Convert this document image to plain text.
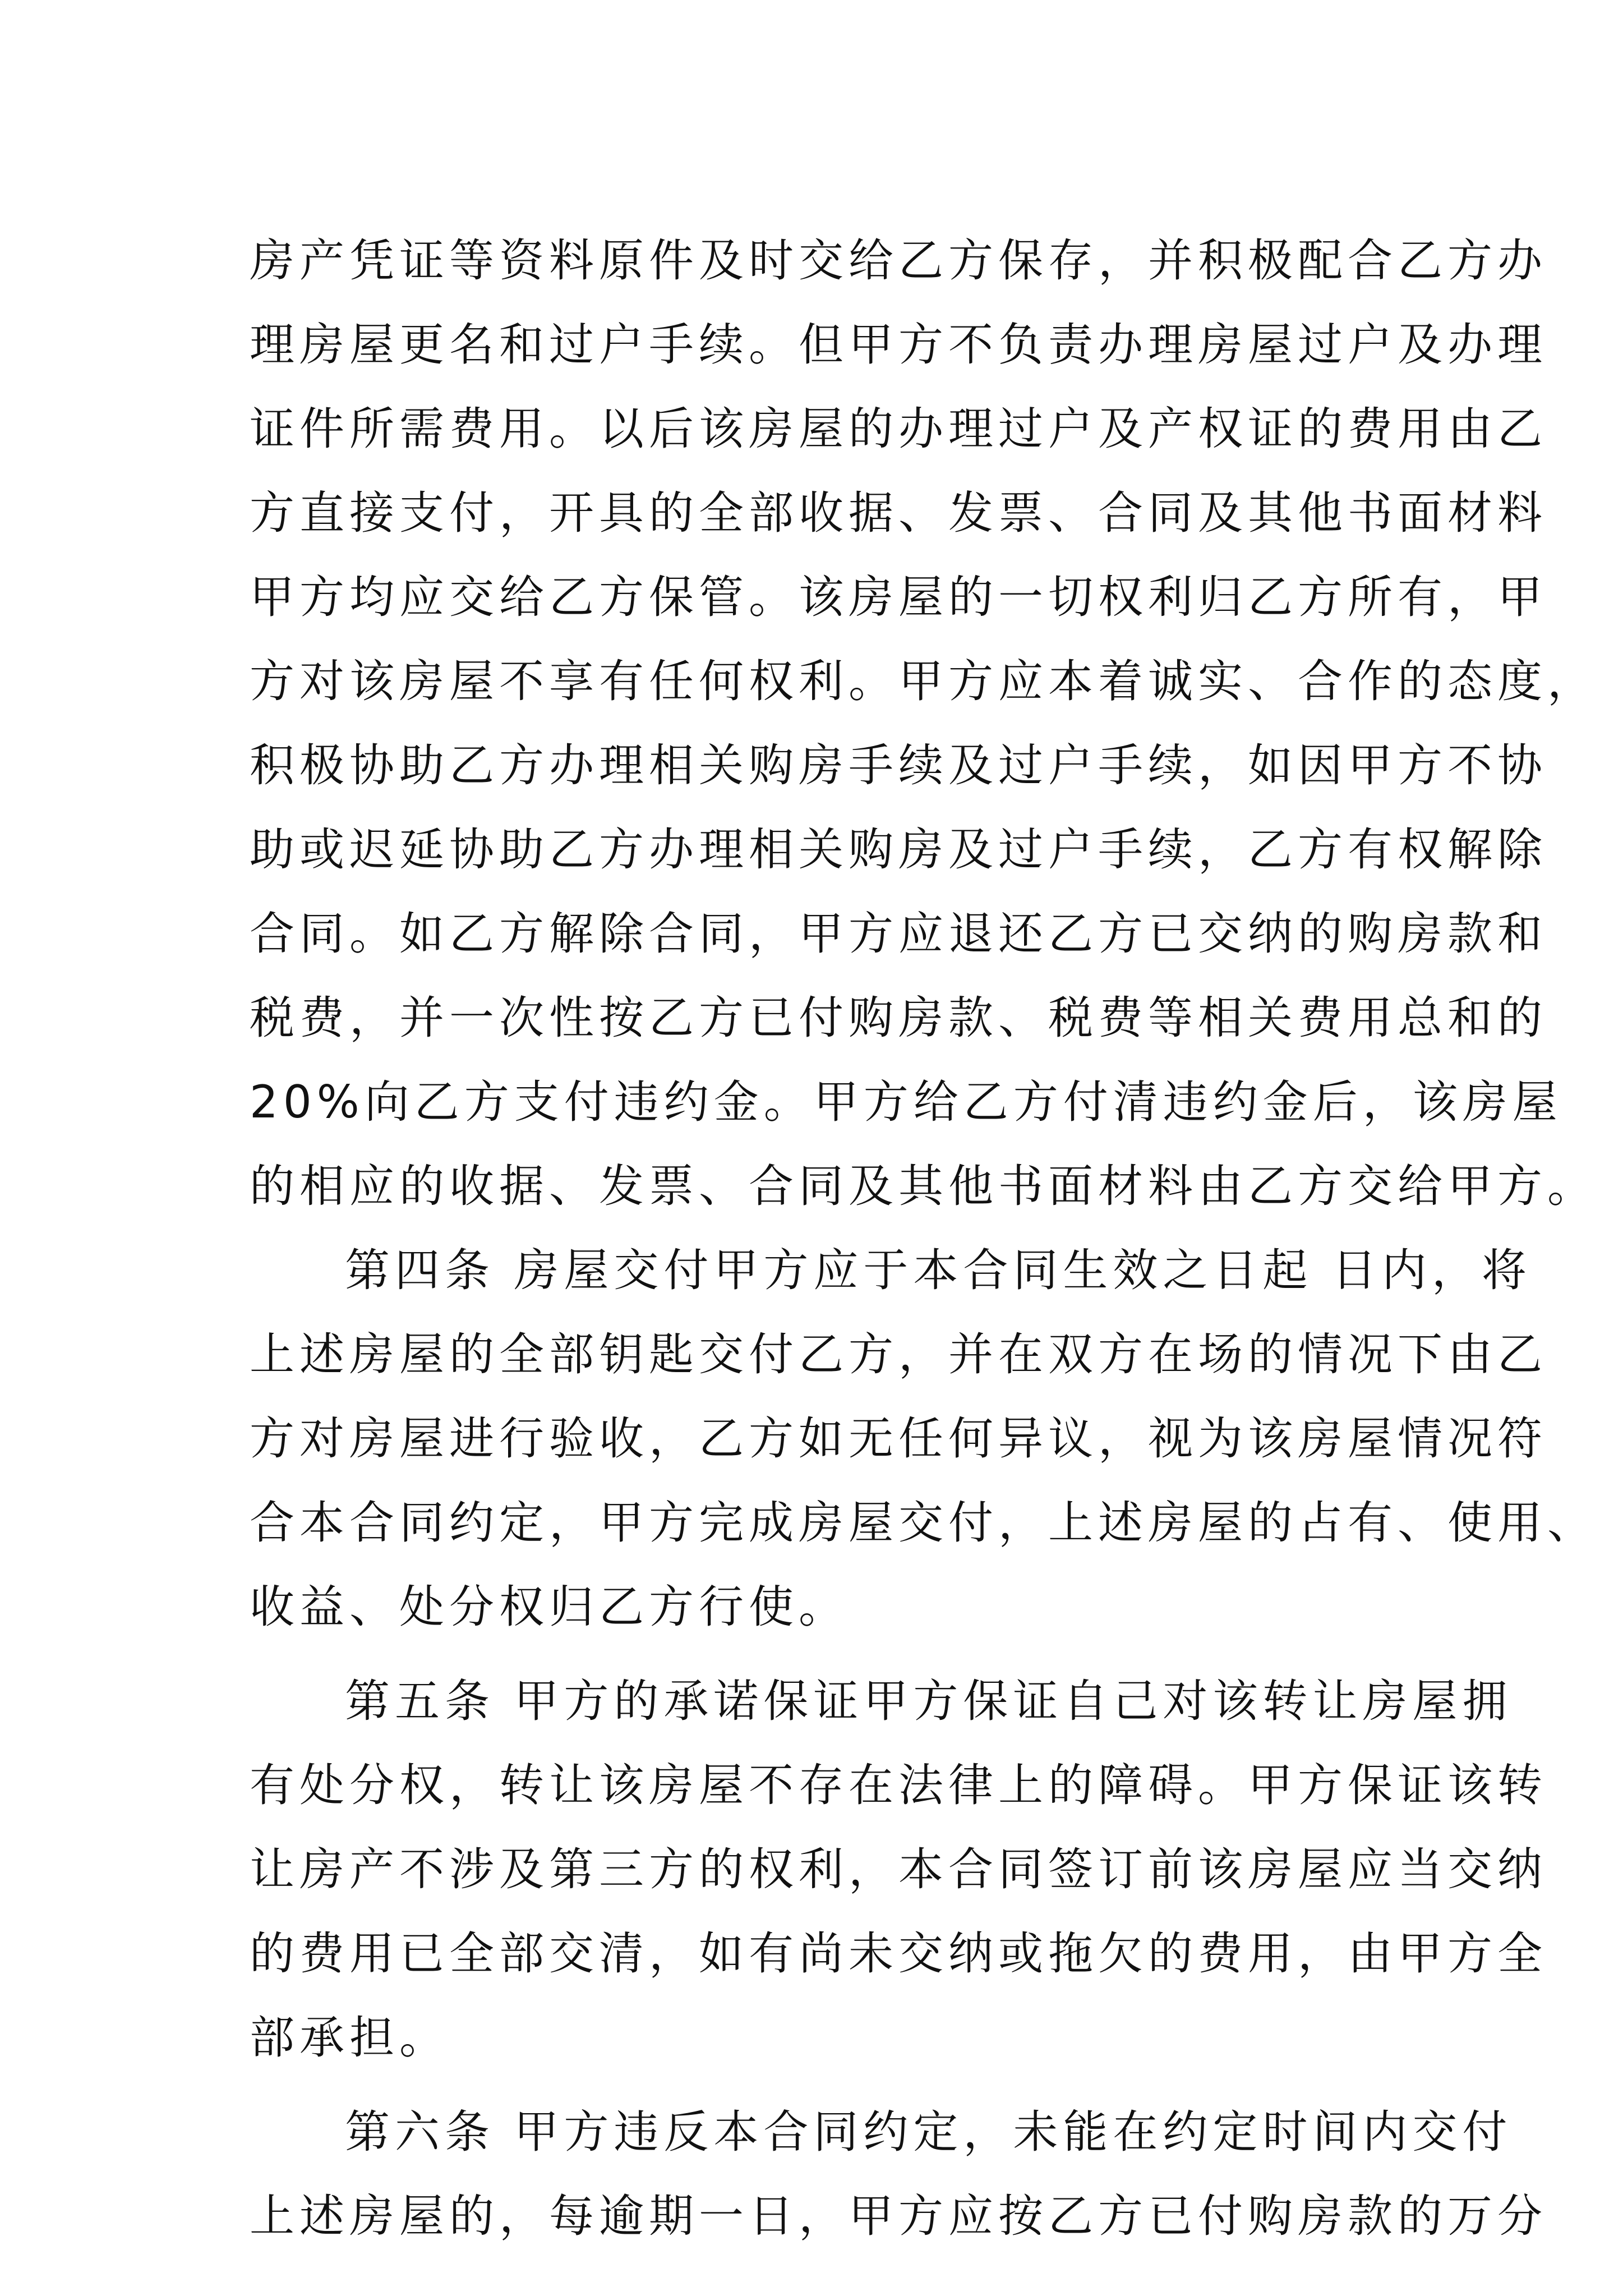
房产凭证等资料原件及时交给乙方保存，并积极配合乙方办
理房屋更名和过户手续。但甲方不负责办理房屋过户及办理
证件所需费用。以后该房屋的办理过户及产权证的费用由乙
方直接支付，开具的全部收据、发票、合同及其他书面材料
甲方均应交给乙方保管。该房屋的一切权利归乙方所有，甲
方对该房屋不享有任何权利。甲方应本着诚实、合作的态度，
积极协助乙方办理相关购房手续及过户手续，如因甲方不协
助或迟延协助乙方办理相关购房及过户手续，乙方有权解除
合同。如乙方解除合同，甲方应退还乙方已交纳的购房款和
税费，并一次性按乙方已付购房款、税费等相关费用总和的
20%向乙方支付违约金。甲方给乙方付清违约金后，该房屋
的相应的收据、发票、合同及其他书面材料由乙方交给甲方。
第四条 房屋交付甲方应于本合同生效之日起 日内，将
上述房屋的全部钥匙交付乙方，并在双方在场的情况下由乙
方对房屋进行验收，乙方如无任何异议，视为该房屋情况符
合本合同约定，甲方完成房屋交付，上述房屋的占有、使用、
收益、处分权归乙方行使。
第五条 甲方的承诺保证甲方保证自己对该转让房屋拥
有处分权，转让该房屋不存在法律上的障碍。甲方保证该转
让房产不涉及第三方的权利，本合同签订前该房屋应当交纳
的费用已全部交清，如有尚未交纳或拖欠的费用，由甲方全
部承担。
第六条 甲方违反本合同约定，未能在约定时间内交付
上述房屋的，每逾期一日，甲方应按乙方已付购房款的万分
